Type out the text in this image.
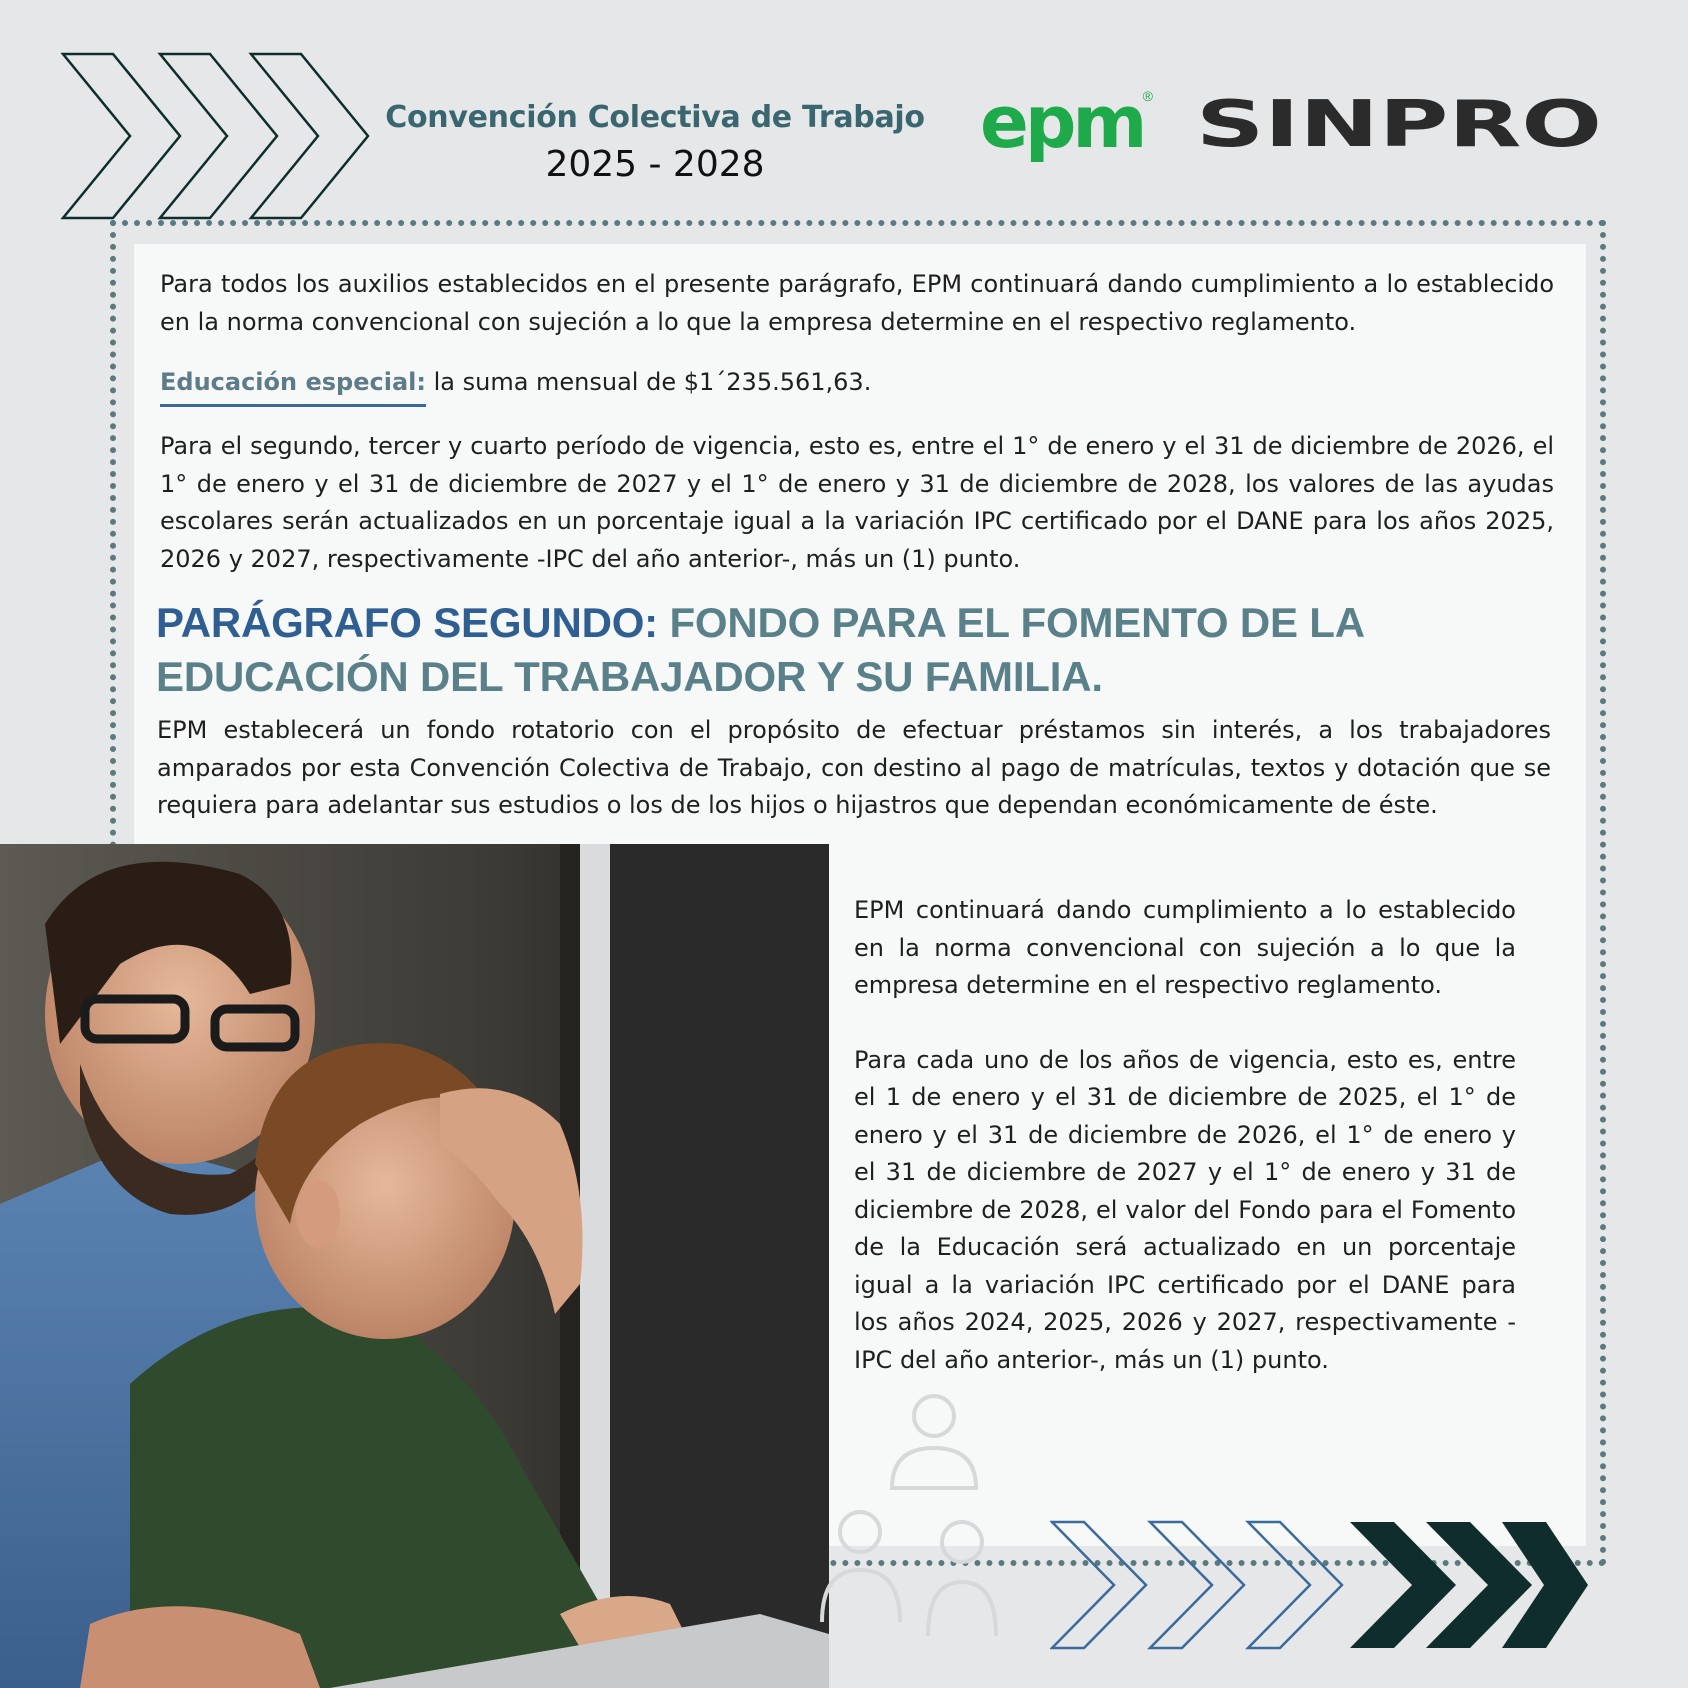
Convención Colectiva de Trabajo
2025 - 2028
epm ® SINPRO
Para todos los auxilios establecidos en el presente parágrafo, EPM continuará dando cumplimiento a lo establecido en la norma convencional con sujeción a lo que la empresa determine en el respectivo reglamento.
Educación especial: la suma mensual de $1´235.561,63.
Para el segundo, tercer y cuarto período de vigencia, esto es, entre el 1° de enero y el 31 de diciembre de 2026, el 1° de enero y el 31 de diciembre de 2027 y el 1° de enero y 31 de diciembre de 2028, los valores de las ayudas escolares serán actualizados en un porcentaje igual a la variación IPC certificado por el DANE para los años 2025, 2026 y 2027, respectivamente -IPC del año anterior-, más un (1) punto.
PARÁGRAFO SEGUNDO: FONDO PARA EL FOMENTO DE LA EDUCACIÓN DEL TRABAJADOR Y SU FAMILIA.
EPM establecerá un fondo rotatorio con el propósito de efectuar préstamos sin interés, a los trabajadores amparados por esta Convención Colectiva de Trabajo, con destino al pago de matrículas, textos y dotación que se requiera para adelantar sus estudios o los de los hijos o hijastros que dependan económicamente de éste.
EPM continuará dando cumplimiento a lo establecido en la norma convencional con sujeción a lo que la empresa determine en el respectivo reglamento.
Para cada uno de los años de vigencia, esto es, entre el 1 de enero y el 31 de diciembre de 2025, el 1° de enero y el 31 de diciembre de 2026, el 1° de enero y el 31 de diciembre de 2027 y el 1° de enero y 31 de diciembre de 2028, el valor del Fondo para el Fomento de la Educación será actualizado en un porcentaje igual a la variación IPC certificado por el DANE para los años 2024, 2025, 2026 y 2027, respectivamente -IPC del año anterior-, más un (1) punto.
